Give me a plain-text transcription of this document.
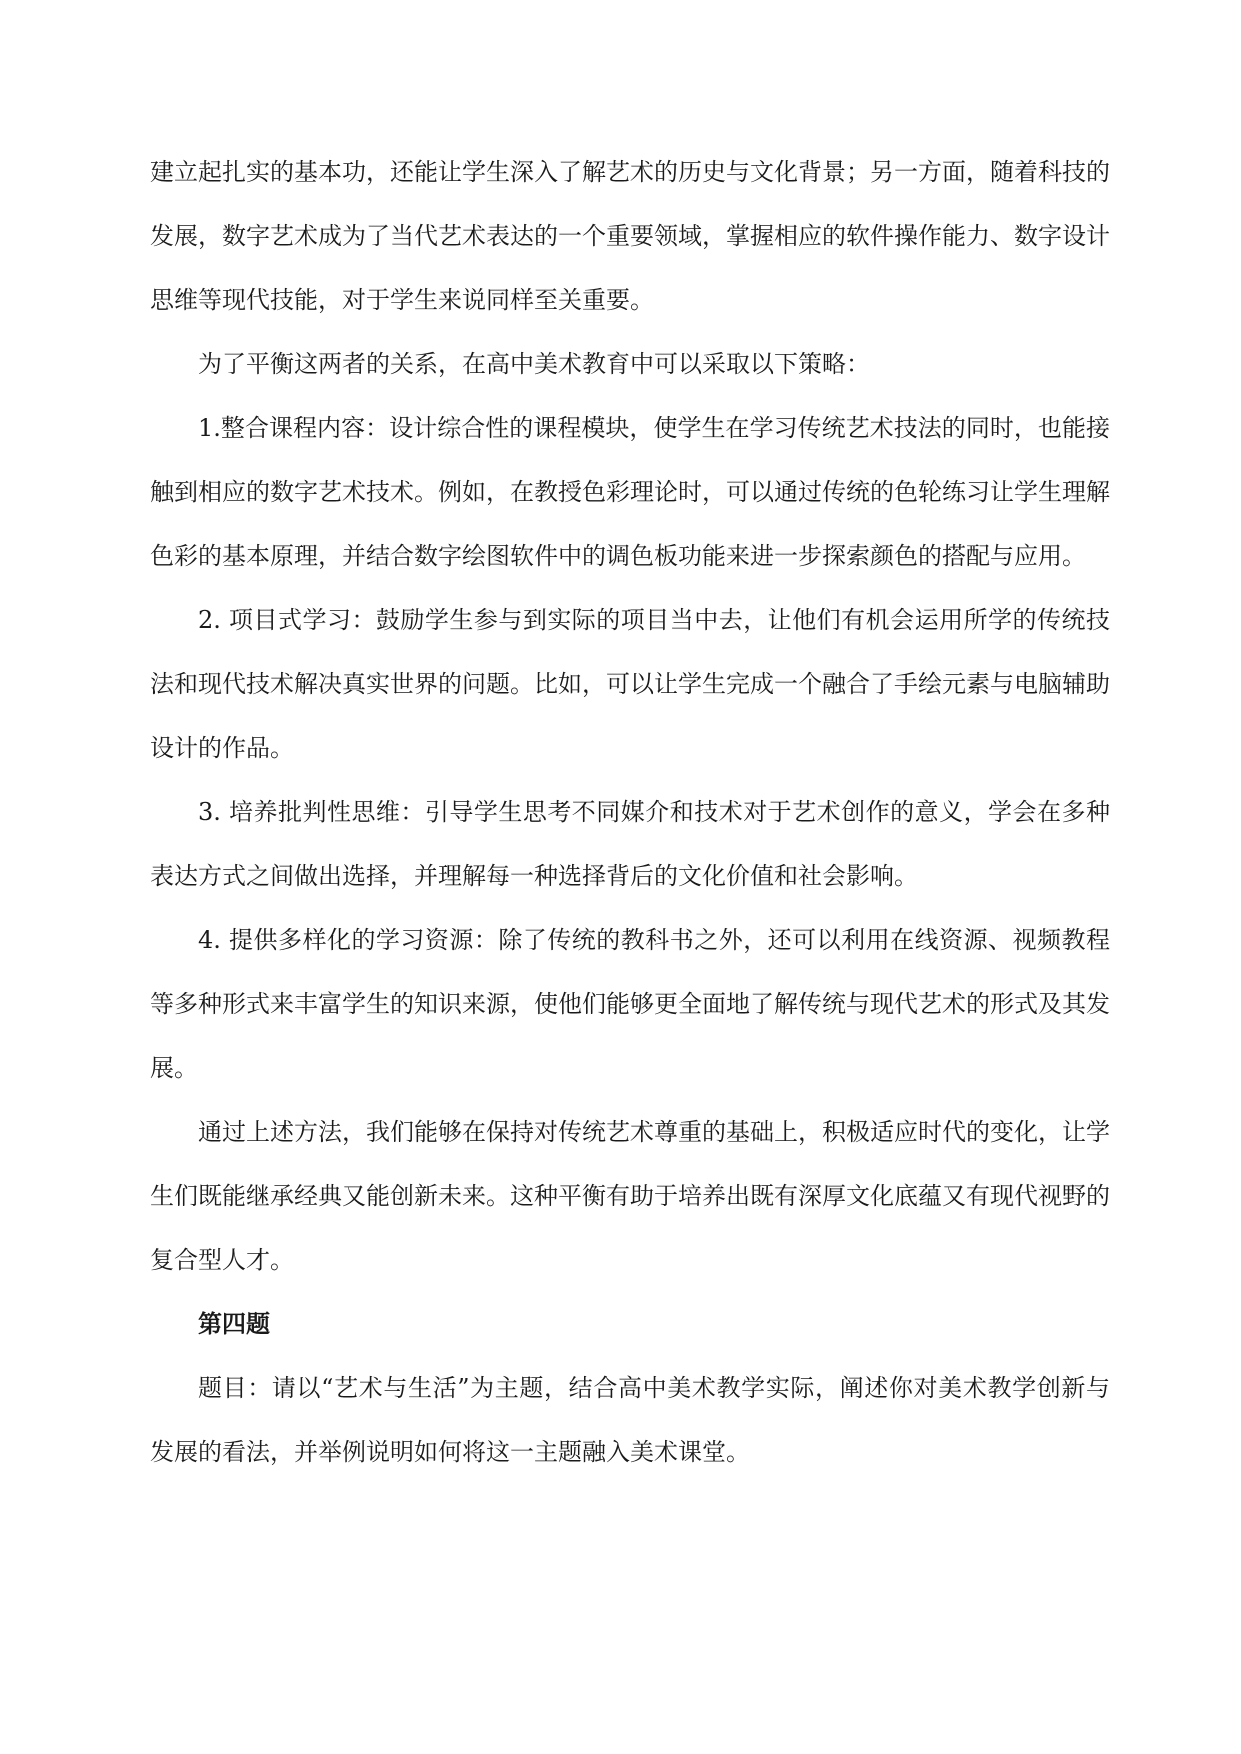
建立起扎实的基本功，还能让学生深入了解艺术的历史与文化背景；另一方面，随着科技的发展，数字艺术成为了当代艺术表达的一个重要领域，掌握相应的软件操作能力、数字设计思维等现代技能，对于学生来说同样至关重要。

为了平衡这两者的关系，在高中美术教育中可以采取以下策略：

1.整合课程内容：设计综合性的课程模块，使学生在学习传统艺术技法的同时，也能接触到相应的数字艺术技术。例如，在教授色彩理论时，可以通过传统的色轮练习让学生理解色彩的基本原理，并结合数字绘图软件中的调色板功能来进一步探索颜色的搭配与应用。

2. 项目式学习：鼓励学生参与到实际的项目当中去，让他们有机会运用所学的传统技法和现代技术解决真实世界的问题。比如，可以让学生完成一个融合了手绘元素与电脑辅助设计的作品。

3. 培养批判性思维：引导学生思考不同媒介和技术对于艺术创作的意义，学会在多种表达方式之间做出选择，并理解每一种选择背后的文化价值和社会影响。

4. 提供多样化的学习资源：除了传统的教科书之外，还可以利用在线资源、视频教程等多种形式来丰富学生的知识来源，使他们能够更全面地了解传统与现代艺术的形式及其发展。

通过上述方法，我们能够在保持对传统艺术尊重的基础上，积极适应时代的变化，让学生们既能继承经典又能创新未来。这种平衡有助于培养出既有深厚文化底蕴又有现代视野的复合型人才。

第四题

题目：请以“艺术与生活”为主题，结合高中美术教学实际，阐述你对美术教学创新与发展的看法，并举例说明如何将这一主题融入美术课堂。
